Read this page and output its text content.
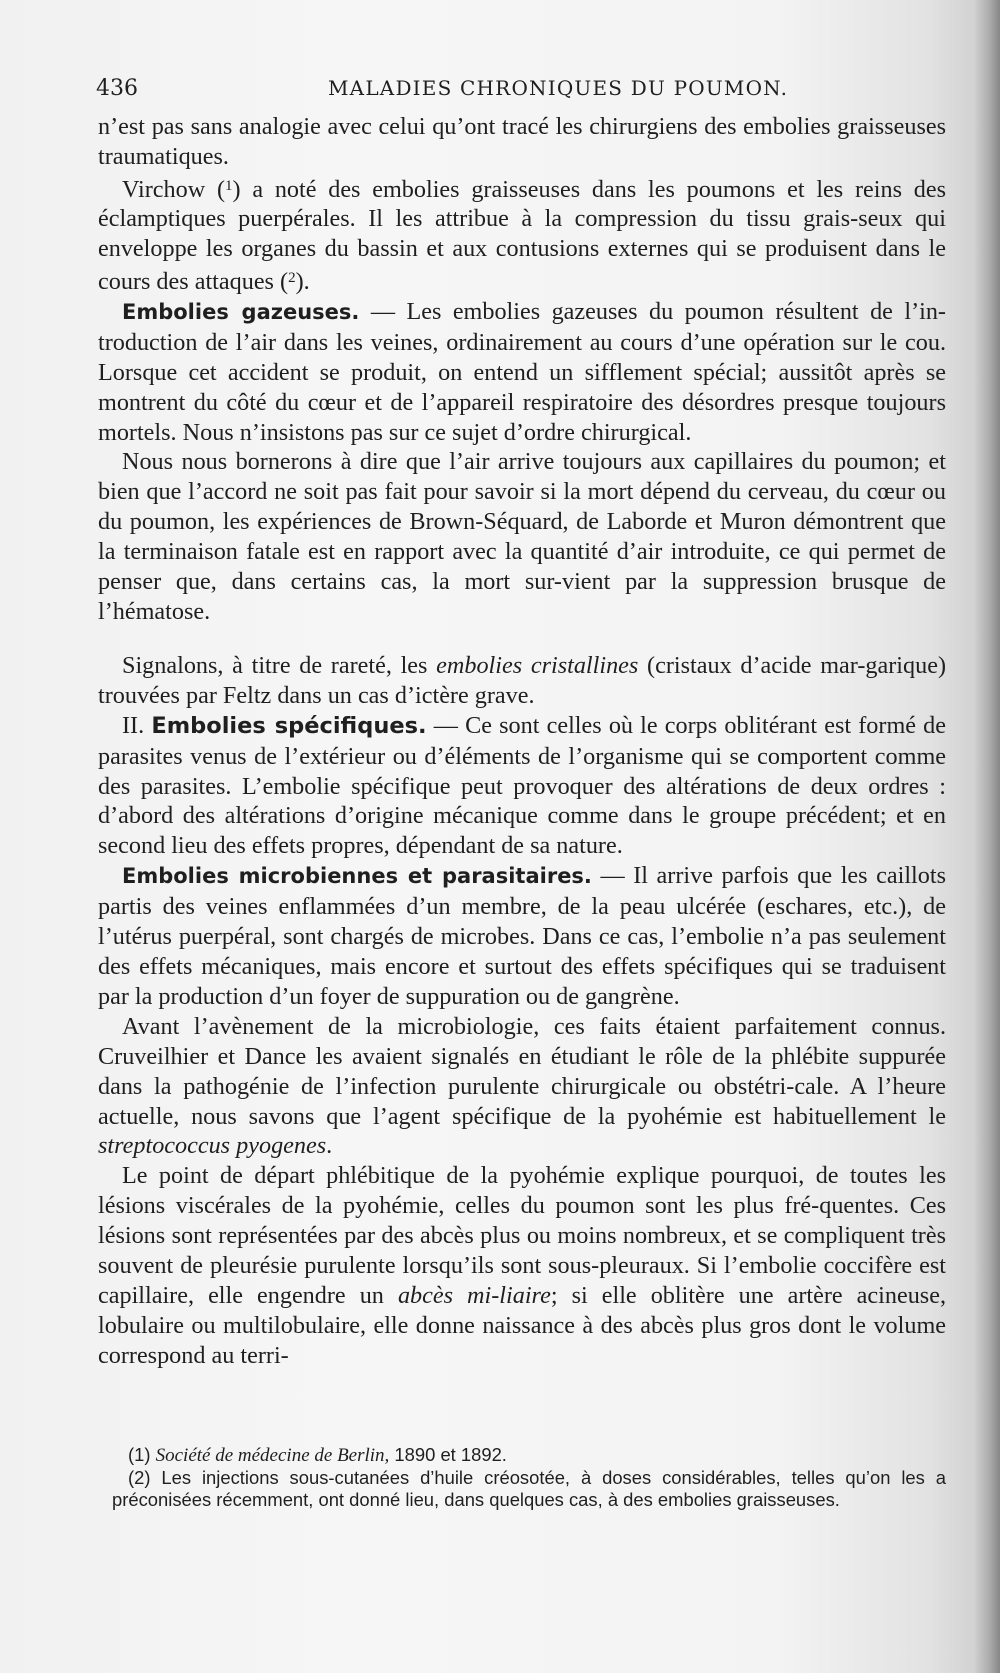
436	MALADIES CHRONIQUES DU POUMON.

n’est pas sans analogie avec celui qu’ont tracé les chirurgiens des embolies graisseuses traumatiques.

Virchow ($^1$) a noté des embolies graisseuses dans les poumons et les reins des éclamptiques puerpérales. Il les attribue à la compression du tissu grais-seux qui enveloppe les organes du bassin et aux contusions externes qui se produisent dans le cours des attaques ($^2$).

Embolies gazeuses. — Les embolies gazeuses du poumon résultent de l’in-troduction de l’air dans les veines, ordinairement au cours d’une opération sur le cou. Lorsque cet accident se produit, on entend un sifflement spécial; aussitôt après se montrent du côté du cœur et de l’appareil respiratoire des désordres presque toujours mortels. Nous n’insistons pas sur ce sujet d’ordre chirurgical.

Nous nous bornerons à dire que l’air arrive toujours aux capillaires du poumon; et bien que l’accord ne soit pas fait pour savoir si la mort dépend du cerveau, du cœur ou du poumon, les expériences de Brown-Séquard, de Laborde et Muron démontrent que la terminaison fatale est en rapport avec la quantité d’air introduite, ce qui permet de penser que, dans certains cas, la mort sur-vient par la suppression brusque de l’hématose.

Signalons, à titre de rareté, les embolies cristallines (cristaux d’acide mar-garique) trouvées par Feltz dans un cas d’ictère grave.

II. Embolies spécifiques. — Ce sont celles où le corps oblitérant est formé de parasites venus de l’extérieur ou d’éléments de l’organisme qui se comportent comme des parasites. L’embolie spécifique peut provoquer des altérations de deux ordres : d’abord des altérations d’origine mécanique comme dans le groupe précédent; et en second lieu des effets propres, dépendant de sa nature.

Embolies microbiennes et parasitaires. — Il arrive parfois que les caillots partis des veines enflammées d’un membre, de la peau ulcérée (eschares, etc.), de l’utérus puerpéral, sont chargés de microbes. Dans ce cas, l’embolie n’a pas seulement des effets mécaniques, mais encore et surtout des effets spécifiques qui se traduisent par la production d’un foyer de suppuration ou de gangrène.

Avant l’avènement de la microbiologie, ces faits étaient parfaitement connus. Cruveilhier et Dance les avaient signalés en étudiant le rôle de la phlébite suppurée dans la pathogénie de l’infection purulente chirurgicale ou obstétri-cale. A l’heure actuelle, nous savons que l’agent spécifique de la pyohémie est habituellement le streptococcus pyogenes.

Le point de départ phlébitique de la pyohémie explique pourquoi, de toutes les lésions viscérales de la pyohémie, celles du poumon sont les plus fré-quentes. Ces lésions sont représentées par des abcès plus ou moins nombreux, et se compliquent très souvent de pleurésie purulente lorsqu’ils sont sous-pleuraux. Si l’embolie coccifère est capillaire, elle engendre un abcès mi-liaire; si elle oblitère une artère acineuse, lobulaire ou multilobulaire, elle donne naissance à des abcès plus gros dont le volume correspond au terri-

(1) Société de médecine de Berlin, 1890 et 1892.

(2) Les injections sous-cutanées d’huile créosotée, à doses considérables, telles qu’on les a préconisées récemment, ont donné lieu, dans quelques cas, à des embolies graisseuses.
